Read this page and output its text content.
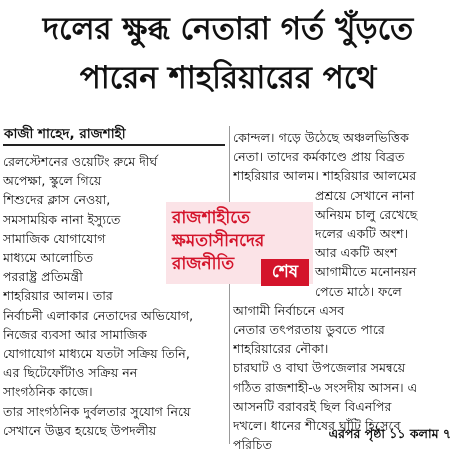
দলের ক্ষুব্ধ নেতারা গর্ত খুঁড়তে
পারেন শাহরিয়ারের পথে
কাজী শাহেদ, রাজশাহী
রেলস্টেশনের ওয়েটিং রুমে দীর্ঘ
অপেক্ষা, স্কুলে গিয়ে
শিশুদের ক্লাস নেওয়া,
সমসাময়িক নানা ইস্যুতে
সামাজিক যোগাযোগ
মাধ্যমে আলোচিত
পররাষ্ট্র প্রতিমন্ত্রী
শাহরিয়ার আলম। তার
নির্বাচনী এলাকার নেতাদের অভিযোগ,
নিজের ব্যবসা আর সামাজিক
যোগাযোগ মাধ্যমে যতটা সক্রিয় তিনি,
এর ছিটেফোঁটাও সক্রিয় নন
সাংগঠনিক কাজে।
তার সাংগঠনিক দুর্বলতার সুযোগ নিয়ে
সেখানে উদ্ভব হয়েছে উপদলীয়
কোন্দল। গড়ে উঠেছে অঞ্চলভিত্তিক
নেতা। তাদের কর্মকাণ্ডে প্রায় বিব্রত
শাহরিয়ার আলম। শাহরিয়ার আলমের
প্রশ্রয়ে সেখানে নানা
অনিয়ম চালু রেখেছে
দলের একটি অংশ।
আর একটি অংশ
আগামীতে মনোনয়ন
পেতে মাঠে। ফলে
আগামী নির্বাচনে এসব
নেতার তৎপরতায় ডুবতে পারে
শাহরিয়ারের নৌকা।
চারঘাট ও বাঘা উপজেলার সমন্বয়ে
গঠিত রাজশাহী-৬ সংসদীয় আসন। এ
আসনটি বরাবরই ছিল বিএনপির
দখলে। ধানের শীষের ঘাঁটি হিসেবে
পরিচিত
রাজশাহীতে
ক্ষমতাসীনদের
রাজনীতি	শেষ
এরপর পৃষ্ঠা ১১ কলাম ৭
